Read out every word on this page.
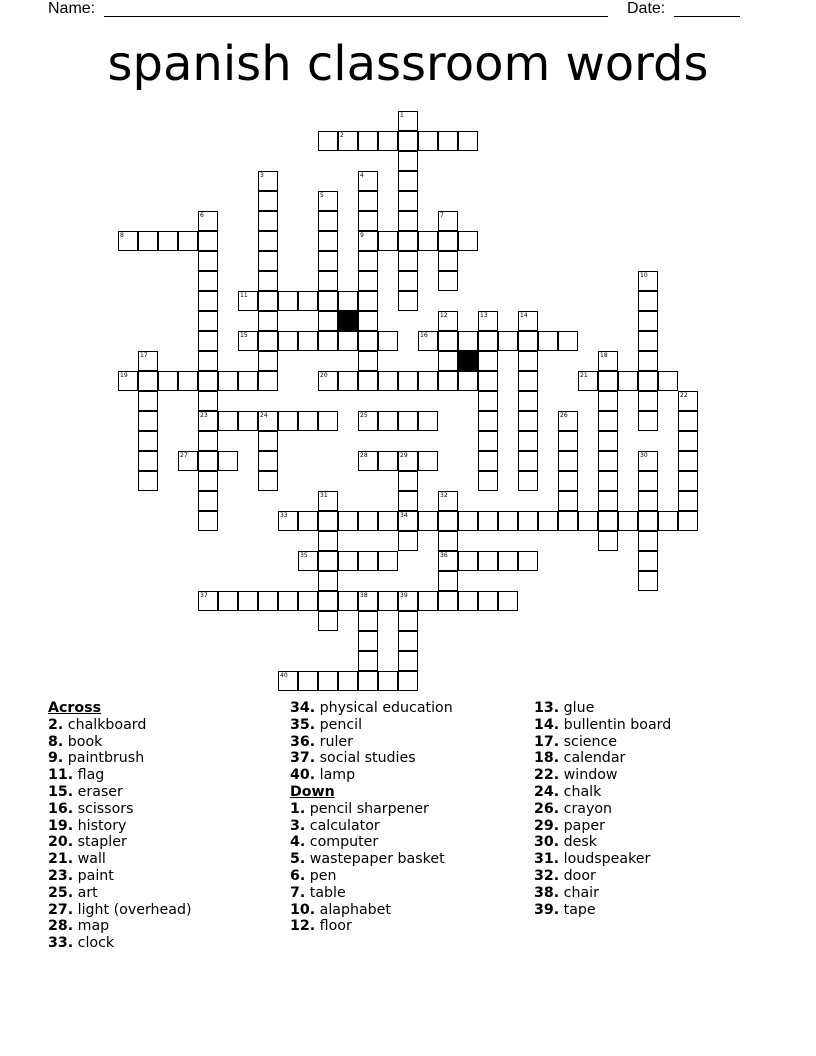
Name:	Date:
spanish classroom words
1
2
3	4
5
6	7
8	9
10
11
12	13	14
15	16
17	18
19	20	21
22
23	24	25	26
27	28	29	30
31	32
33	34
35	36
37	38	39
40
Across
2. chalkboard
8. book
9. paintbrush
11. flag
15. eraser
16. scissors
19. history
20. stapler
21. wall
23. paint
25. art
27. light (overhead)
28. map
33. clock
34. physical education
35. pencil
36. ruler
37. social studies
40. lamp
Down
1. pencil sharpener
3. calculator
4. computer
5. wastepaper basket
6. pen
7. table
10. alaphabet
12. floor
13. glue
14. bullentin board
17. science
18. calendar
22. window
24. chalk
26. crayon
29. paper
30. desk
31. loudspeaker
32. door
38. chair
39. tape
